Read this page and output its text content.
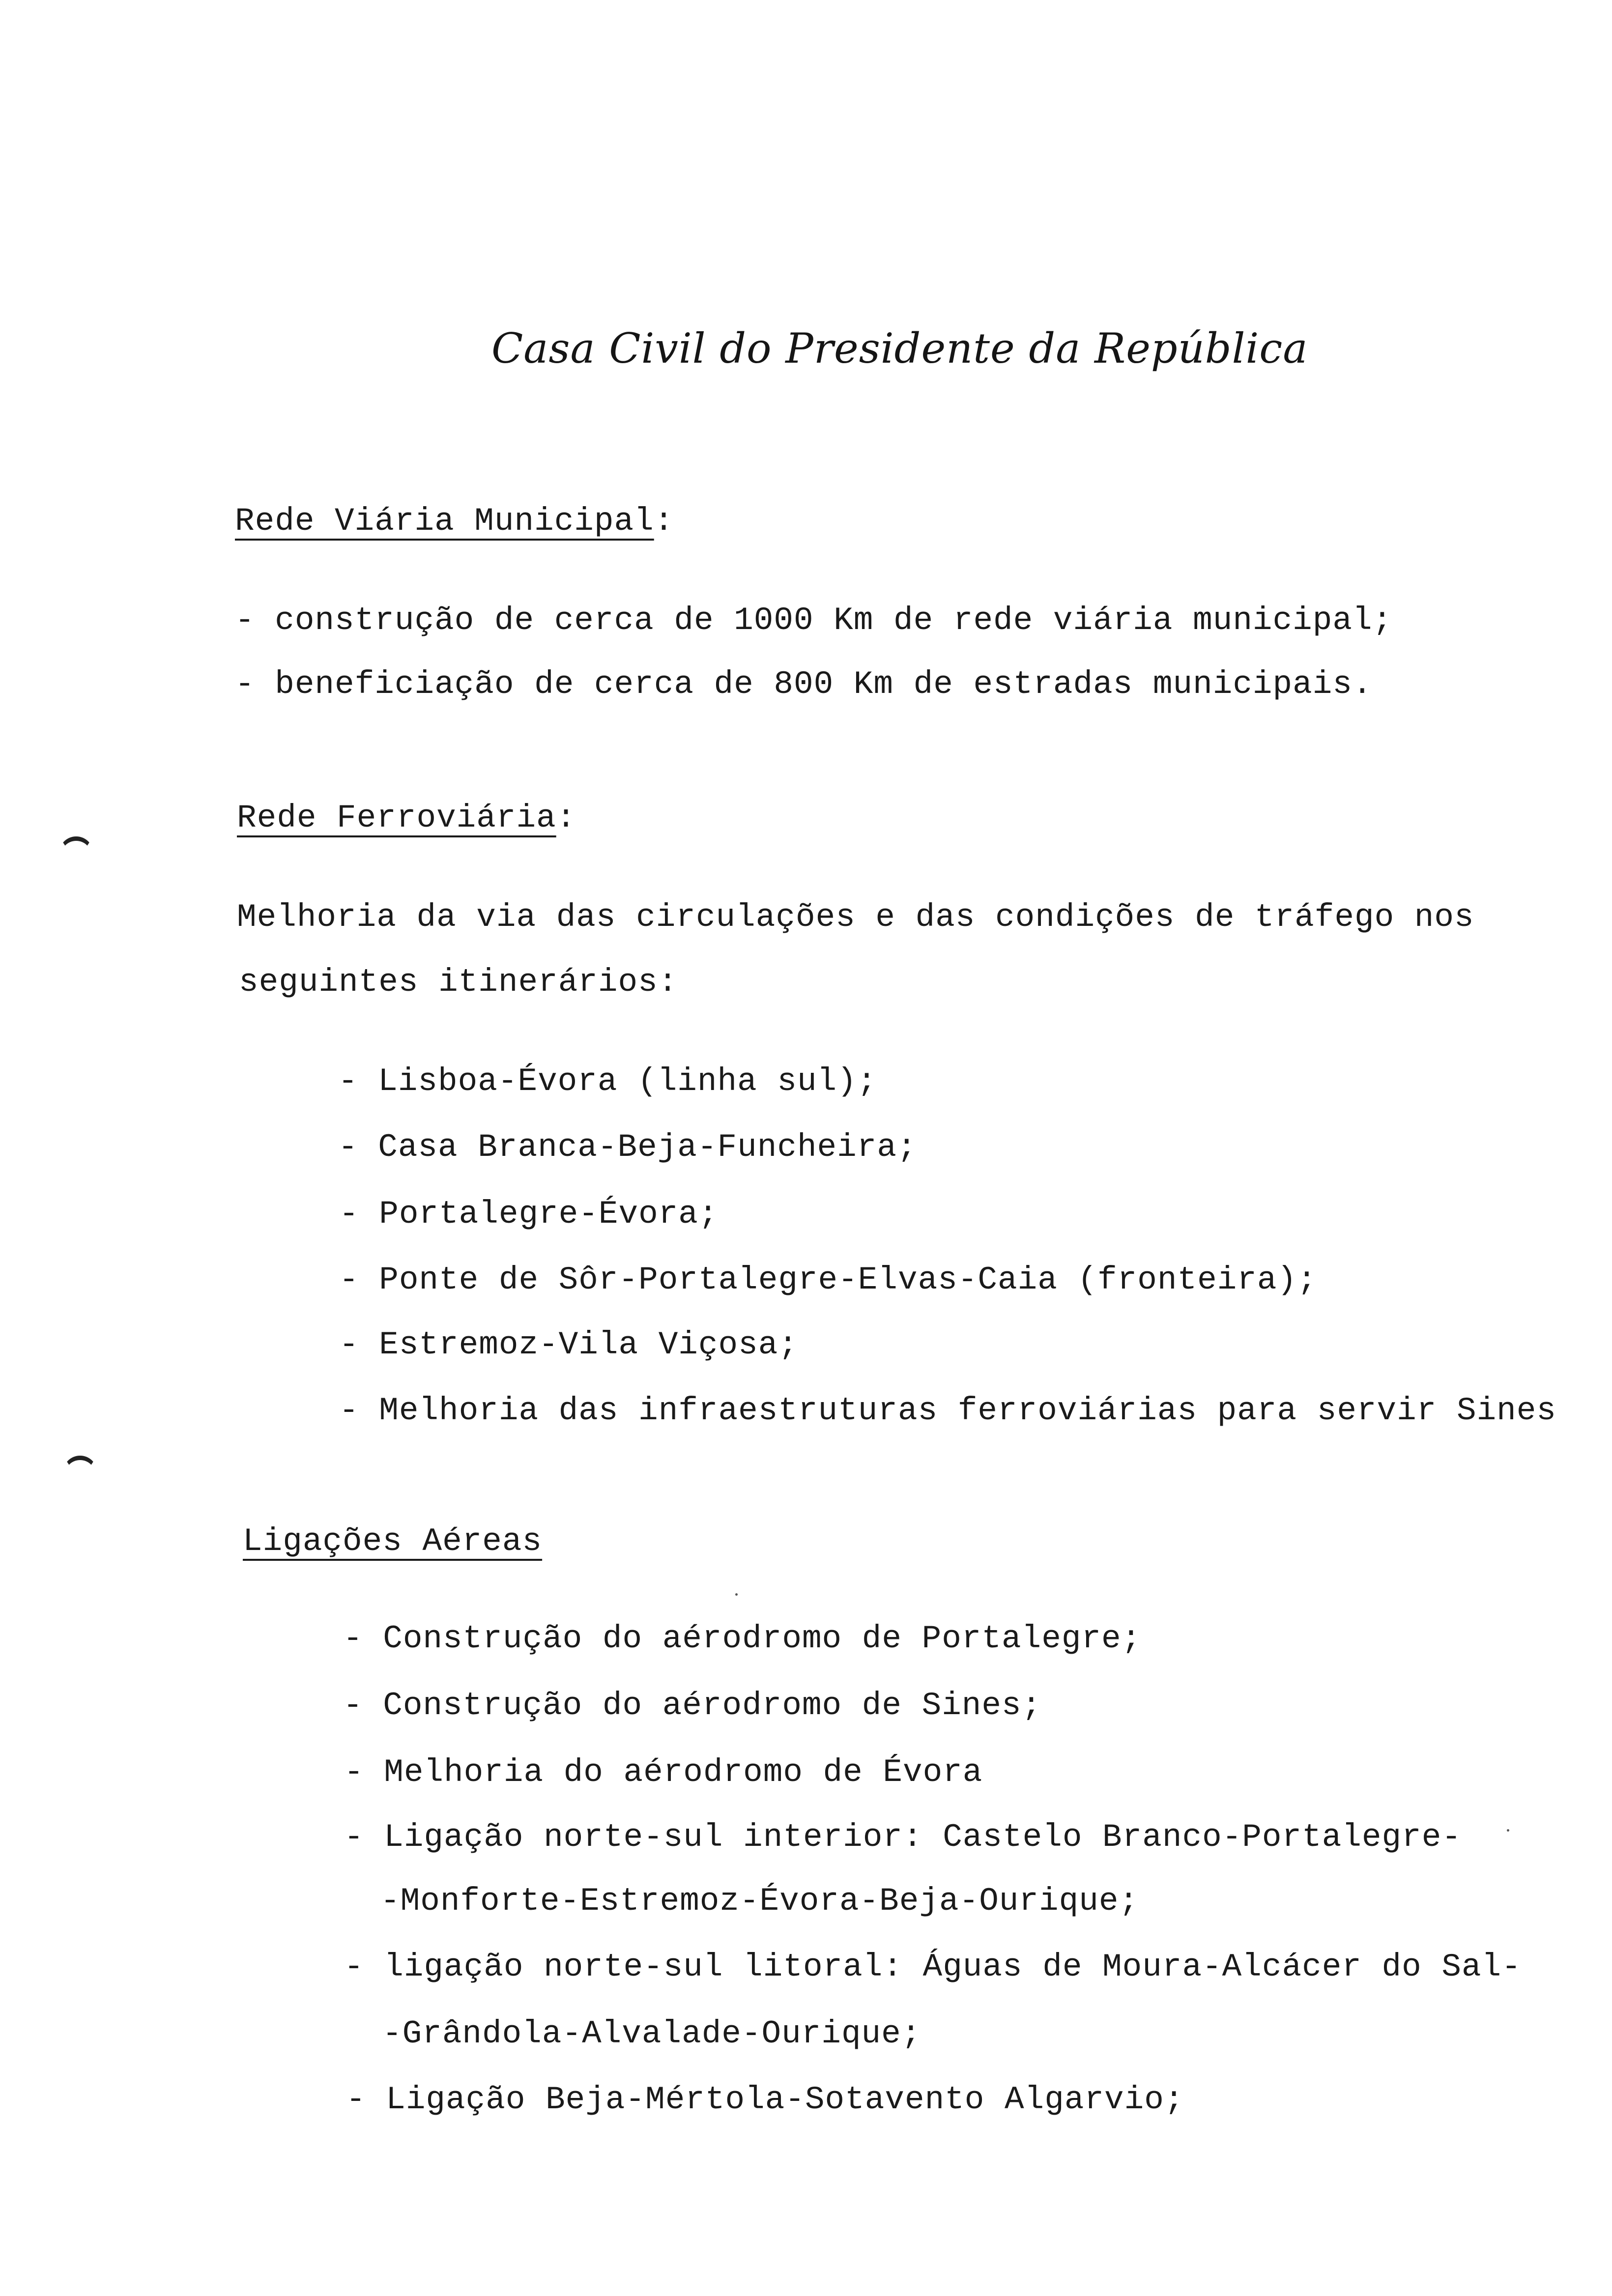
Casa Civil do Presidente da República
Rede Viária Municipal:
- construção de cerca de 1000 Km de rede viária municipal;
- beneficiação de cerca de 800 Km de estradas municipais.
Rede Ferroviária:
Melhoria da via das circulações e das condições de tráfego nos
seguintes itinerários:
- Lisboa-Évora (linha sul);
- Casa Branca-Beja-Funcheira;
- Portalegre-Évora;
- Ponte de Sôr-Portalegre-Elvas-Caia (fronteira);
- Estremoz-Vila Viçosa;
- Melhoria das infraestruturas ferroviárias para servir Sines
Ligações Aéreas
- Construção do aérodromo de Portalegre;
- Construção do aérodromo de Sines;
- Melhoria do aérodromo de Évora
- Ligação norte-sul interior: Castelo Branco-Portalegre-
-Monforte-Estremoz-Évora-Beja-Ourique;
- ligação norte-sul litoral: Águas de Moura-Alcácer do Sal-
-Grândola-Alvalade-Ourique;
- Ligação Beja-Mértola-Sotavento Algarvio;
